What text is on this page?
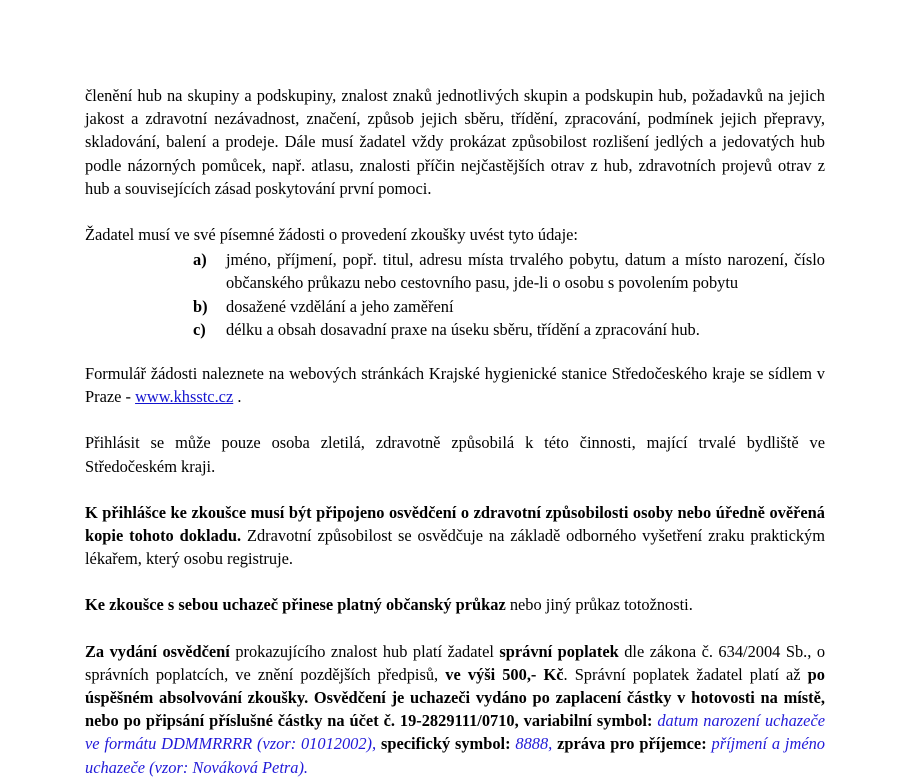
členění hub na skupiny a podskupiny, znalost znaků jednotlivých skupin a podskupin hub, požadavků na jejich jakost a zdravotní nezávadnost, značení, způsob jejich sběru, třídění, zpracování, podmínek jejich přepravy, skladování, balení a prodeje. Dále musí žadatel vždy prokázat způsobilost rozlišení jedlých a jedovatých hub podle názorných pomůcek, např. atlasu, znalosti příčin nejčastějších otrav z hub, zdravotních projevů otrav z hub a souvisejících zásad poskytování první pomoci.

Žadatel musí ve své písemné žádosti o provedení zkoušky uvést tyto údaje:

a)	jméno, příjmení, popř. titul, adresu místa trvalého pobytu, datum a místo narození, číslo občanského průkazu nebo cestovního pasu, jde-li o osobu s povolením pobytu
b)	dosažené vzdělání a jeho zaměření
c)	délku a obsah dosavadní praxe na úseku sběru, třídění a zpracování hub.

Formulář žádosti naleznete na webových stránkách Krajské hygienické stanice Středočeského kraje se sídlem v Praze - www.khsstc.cz .

Přihlásit se může pouze osoba zletilá, zdravotně způsobilá k této činnosti, mající trvalé bydliště ve Středočeském kraji.

K přihlášce ke zkoušce musí být připojeno osvědčení o zdravotní způsobilosti osoby nebo úředně ověřená kopie tohoto dokladu. Zdravotní způsobilost se osvědčuje na základě odborného vyšetření zraku praktickým lékařem, který osobu registruje.

Ke zkoušce s sebou uchazeč přinese platný občanský průkaz nebo jiný průkaz totožnosti.

Za vydání osvědčení prokazujícího znalost hub platí žadatel správní poplatek dle zákona č. 634/2004 Sb., o správních poplatcích, ve znění pozdějších předpisů, ve výši 500,- Kč. Správní poplatek žadatel platí až po úspěšném absolvování zkoušky. Osvědčení je uchazeči vydáno po zaplacení částky v hotovosti na místě, nebo po připsání příslušné částky na účet č. 19-2829111/0710, variabilní symbol: datum narození uchazeče ve formátu DDMMRRRR (vzor: 01012002), specifický symbol: 8888, zpráva pro příjemce: příjmení a jméno uchazeče (vzor: Nováková Petra).
